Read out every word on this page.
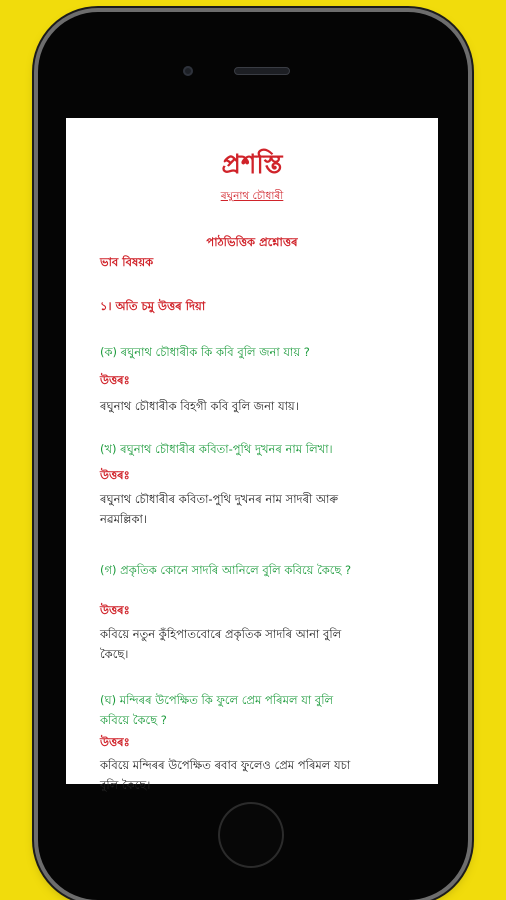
প্ৰশস্তি
ৰঘুনাথ চৌধাৰী
পাঠভিত্তিক প্ৰশ্নোত্তৰ
ভাব বিষয়ক
১। অতি চমু উত্তৰ দিয়া
(ক) ৰঘুনাথ চৌধাৰীক কি কবি বুলি জনা যায় ?
উত্তৰঃ
ৰঘুনাথ চৌধাৰীক বিহগী কবি বুলি জনা যায়।
(খ) ৰঘুনাথ চৌধাৰীৰ কবিতা-পুথি দুখনৰ নাম লিখা।
উত্তৰঃ
ৰঘুনাথ চৌধাৰীৰ কবিতা-পুথি দুখনৰ নাম সাদৰী আৰু
নৱমল্লিকা।
(গ) প্ৰকৃতিক কোনে সাদৰি আনিলে বুলি কবিয়ে কৈছে ?
উত্তৰঃ
কবিয়ে নতুন কুঁহিপাতবোৰে প্ৰকৃতিক সাদৰি আনা বুলি
কৈছে।
(ঘ) মন্দিৰৰ উপেক্ষিত কি ফুলে প্ৰেম পৰিমল যা বুলি
কবিয়ে কৈছে ?
উত্তৰঃ
কবিয়ে মন্দিৰৰ উপেক্ষিত ৰবাব ফুলেও প্ৰেম পৰিমল যচা
বুলি কৈছে।
